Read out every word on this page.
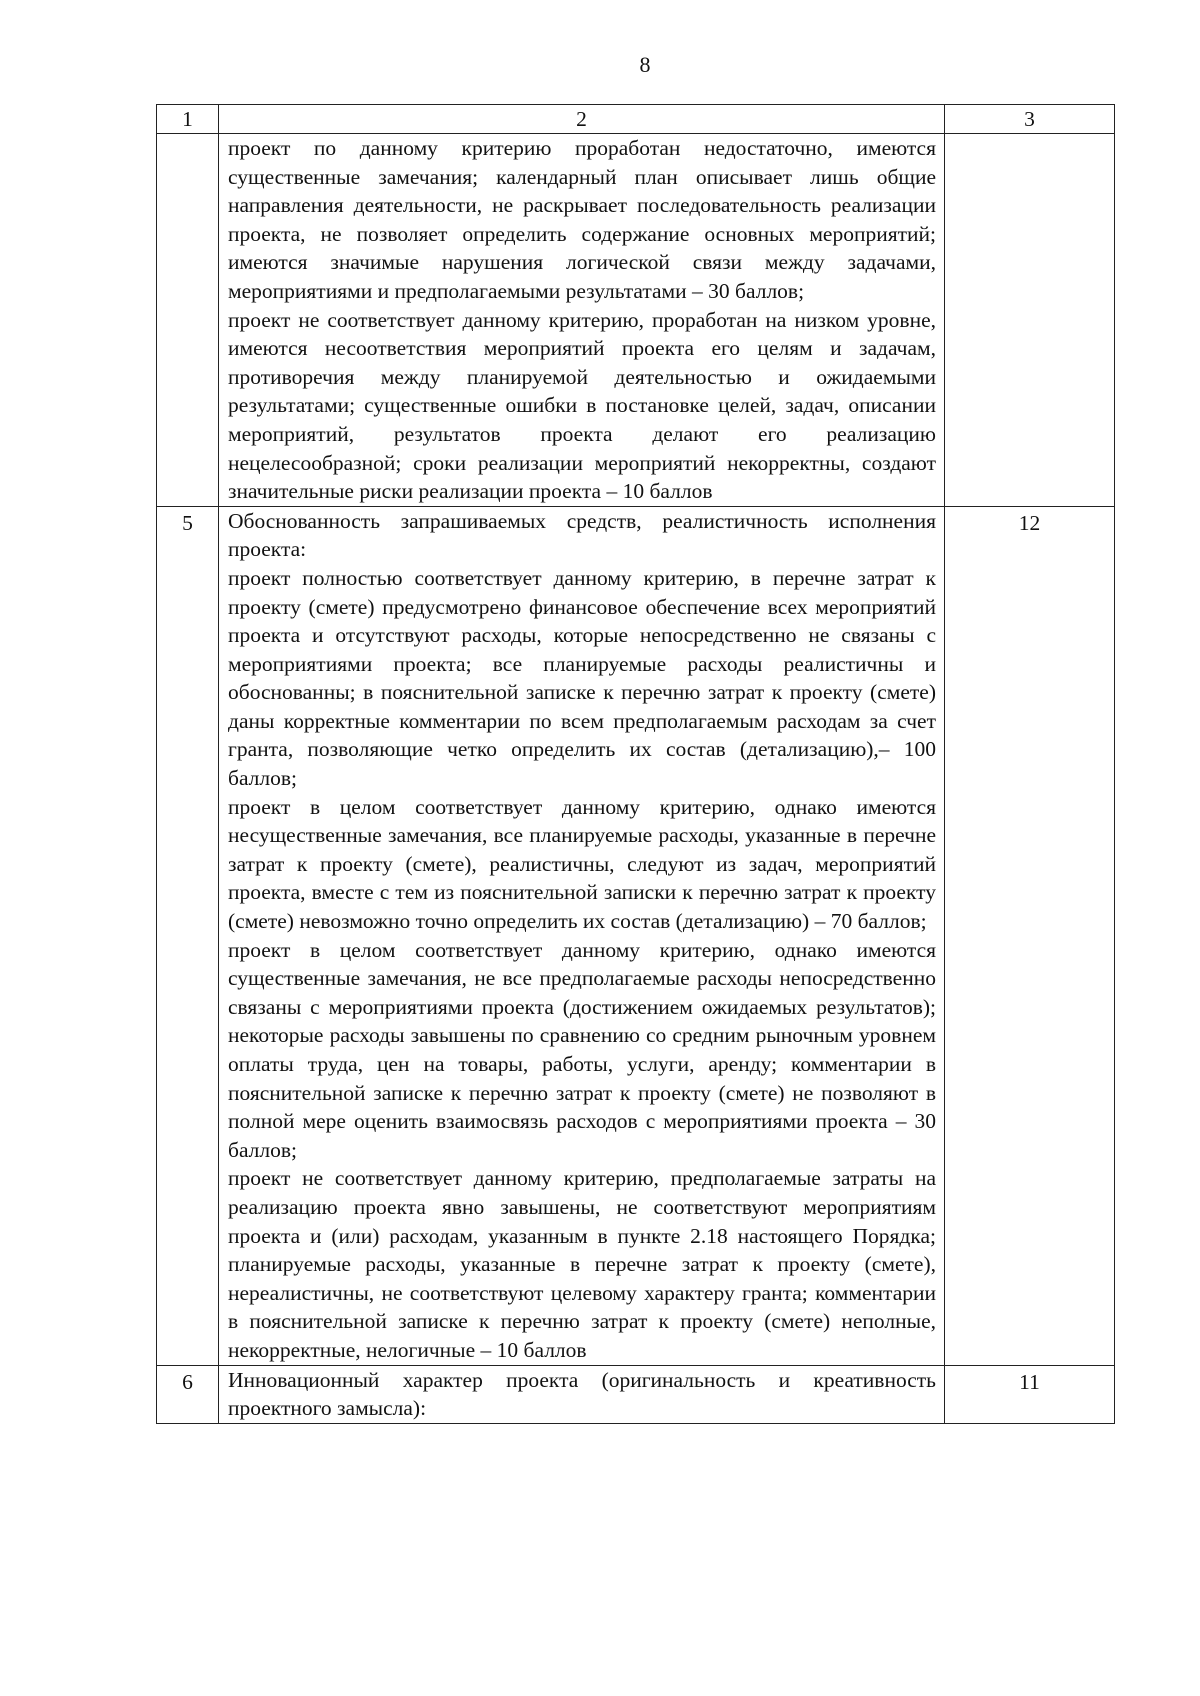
8
1	2	3

	проект по данному критерию проработан недостаточно, имеются существенные замечания; календарный план описывает лишь общие направления деятельности, не раскрывает последовательность реализации проекта, не позволяет определить содержание основных мероприятий; имеются значимые нарушения логической связи между задачами, мероприятиями и предполагаемыми результатами – 30 баллов;

проект не соответствует данному критерию, проработан на низком уровне, имеются несоответствия мероприятий проекта его целям и задачам, противоречия между планируемой деятельностью и ожидаемыми результатами; существенные ошибки в постановке целей, задач, описании мероприятий, результатов проекта делают его реализацию нецелесообразной; сроки реализации мероприятий некорректны, создают значительные риски реализации проекта – 10 баллов	

5	Обоснованность запрашиваемых средств, реалистичность исполнения проекта:

проект полностью соответствует данному критерию, в перечне затрат к проекту (смете) предусмотрено финансовое обеспечение всех мероприятий проекта и отсутствуют расходы, которые непосредственно не связаны с мероприятиями проекта; все планируемые расходы реалистичны и обоснованны; в пояснительной записке к перечню затрат к проекту (смете) даны корректные комментарии по всем предполагаемым расходам за счет гранта, позволяющие четко определить их состав (детализацию),– 100 баллов;

проект в целом соответствует данному критерию, однако имеются несущественные замечания, все планируемые расходы, указанные в перечне затрат к проекту (смете), реалистичны, следуют из задач, мероприятий проекта, вместе с тем из пояснительной записки к перечню затрат к проекту (смете) невозможно точно определить их состав (детализацию) – 70 баллов;

проект в целом соответствует данному критерию, однако имеются существенные замечания, не все предполагаемые расходы непосредственно связаны с мероприятиями проекта (достижением ожидаемых результатов); некоторые расходы завышены по сравнению со средним рыночным уровнем оплаты труда, цен на товары, работы, услуги, аренду; комментарии в пояснительной записке к перечню затрат к проекту (смете) не позволяют в полной мере оценить взаимосвязь расходов с мероприятиями проекта – 30 баллов;

проект не соответствует данному критерию, предполагаемые затраты на реализацию проекта явно завышены, не соответствуют мероприятиям проекта и (или) расходам, указанным в пункте 2.18 настоящего Порядка; планируемые расходы, указанные в перечне затрат к проекту (смете), нереалистичны, не соответствуют целевому характеру гранта; комментарии в пояснительной записке к перечню затрат к проекту (смете) неполные, некорректные, нелогичные – 10 баллов	12
6	Инновационный характер проекта (оригинальность и креативность проектного замысла):	11
